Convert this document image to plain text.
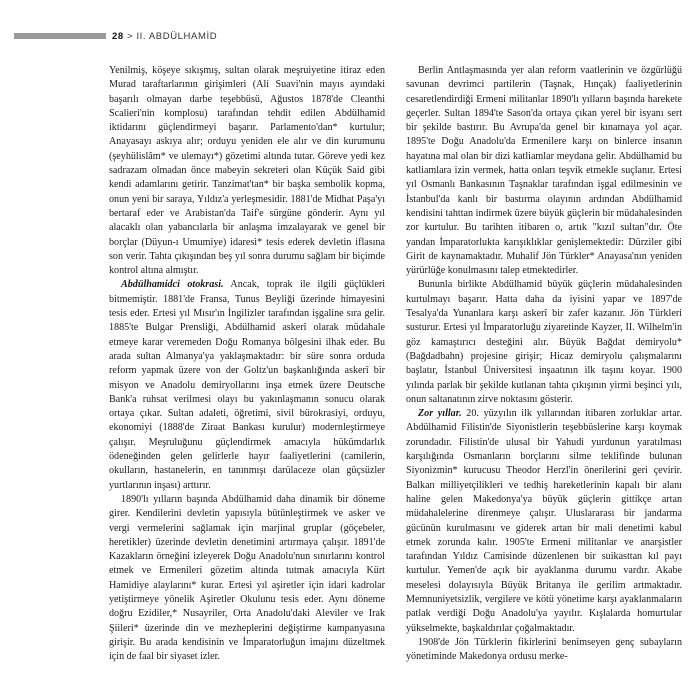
28 > II. ABDÜLHAMİD

Yenilmiş, köşeye sıkışmış, sultan olarak meşruiyetine itiraz eden Murad taraftarlarının girişimleri (Ali Suavi'nin mayıs ayındaki başarılı olmayan darbe teşebbüsü, Ağustos 1878'de Cleanthi Scalieri'nin komplosu) tarafından tehdit edilen Abdülhamid iktidarını güçlendirmeyi başarır. Parlamento'dan* kurtulur; Anayasayı askıya alır; orduyu yeniden ele alır ve din kurumunu (şeyhülislâm* ve ulemayı*) gözetimi altında tutar. Göreve yedi kez sadrazam olmadan önce mabeyin sekreteri olan Küçük Said gibi kendi adamlarını getirir. Tanzimat'tan* bir başka sembolik kopma, onun yeni bir saraya, Yıldız'a yerleşmesidir. 1881'de Midhat Paşa'yı bertaraf eder ve Arabistan'da Taif'e sürgüne gönderir. Aynı yıl alacaklı olan yabancılarla bir anlaşma imzalayarak ve genel bir borçlar (Düyun-ı Umumiye) idaresi* tesis ederek devletin iflasına son verir. Tahta çıkışından beş yıl sonra durumu sağlam bir biçimde kontrol altına almıştır.

Abdülhamidci otokrasi. Ancak, toprak ile ilgili güçlükleri bitmemiştir. 1881'de Fransa, Tunus Beyliği üzerinde himayesini tesis eder. Ertesi yıl Mısır'ın İngilizler tarafından işgaline sıra gelir. 1885'te Bulgar Prensliği, Abdülhamid askerî olarak müdahale etmeye karar veremeden Doğu Romanya bölgesini ilhak eder. Bu arada sultan Almanya'ya yaklaşmaktadır: bir süre sonra orduda reform yapmak üzere von der Goltz'un başkanlığında askerî bir misyon ve Anadolu demiryollarını inşa etmek üzere Deutsche Bank'a ruhsat verilmesi olayı bu yakınlaşmanın sonucu olarak ortaya çıkar. Sultan adaleti, öğretimi, sivil bürokrasiyi, orduyu, ekonomiyi (1888'de Ziraat Bankası kurulur) modernleştirmeye çalışır. Meşruluğunu güçlendirmek amacıyla hükümdarlık ödeneğinden gelen gelirlerle hayır faaliyetlerini (camilerin, okulların, hastanelerin, en tanınmışı darülaceze olan güçsüzler yurtlarının inşası) arttırır.

1890'lı yılların başında Abdülhamid daha dinamik bir döneme girer. Kendilerini devletin yapısıyla bütünleştirmek ve asker ve vergi vermelerini sağlamak için marjinal gruplar (göçebeler, heretikler) üzerinde devletin denetimini artırmaya çalışır. 1891'de Kazakların örneğini izleyerek Doğu Anadolu'nun sınırlarını kontrol etmek ve Ermenileri gözetim altında tutmak amacıyla Kürt Hamidiye alaylarını* kurar. Ertesi yıl aşiretler için idari kadrolar yetiştirmeye yönelik Aşiretler Okulunu tesis eder. Aynı döneme doğru Ezidiler,* Nusayriler, Orta Anadolu'daki Aleviler ve Irak Şiileri* üzerinde din ve mezheplerini değiştirme kampanyasına girişir. Bu arada kendisinin ve İmparatorluğun imajını düzeltmek için de faal bir siyaset izler.

Berlin Antlaşmasında yer alan reform vaatlerinin ve özgürlüğü savunan devrimci partilerin (Taşnak, Hınçak) faaliyetlerinin cesaretlendirdiği Ermeni militanlar 1890'lı yılların başında harekete geçerler. Sultan 1894'te Sason'da ortaya çıkan yerel bir isyanı sert bir şekilde bastırır. Bu Avrupa'da genel bir kınamaya yol açar. 1895'te Doğu Anadolu'da Ermenilere karşı on binlerce insanın hayatına mal olan bir dizi katliamlar meydana gelir. Abdülhamid bu katliamlara izin vermek, hatta onları teşvik etmekle suçlanır. Ertesi yıl Osmanlı Bankasının Taşnaklar tarafından işgal edilmesinin ve İstanbul'da kanlı bir bastırma olayının ardından Abdülhamid kendisini tahttan indirmek üzere büyük güçlerin bir müdahalesinden zor kurtulur. Bu tarihten itibaren o, artık "kızıl sultan"dır. Öte yandan İmparatorlukta karışıklıklar genişlemektedir: Dürziler gibi Girit de kaynamaktadır. Muhalif Jön Türkler* Anayasa'nın yeniden yürürlüğe konulmasını talep etmektedirler.

Bununla birlikte Abdülhamid büyük güçlerin müdahalesinden kurtulmayı başarır. Hatta daha da iyisini yapar ve 1897'de Tesalya'da Yunanlara karşı askerî bir zafer kazanır. Jön Türkleri susturur. Ertesi yıl İmparatorluğu ziyaretinde Kayzer, II. Wilhelm'in göz kamaştırıcı desteğini alır. Büyük Bağdat demiryolu* (Bağdadbahn) projesine girişir; Hicaz demiryolu çalışmalarını başlatır, İstanbul Üniversitesi inşaatının ilk taşını koyar. 1900 yılında parlak bir şekilde kutlanan tahta çıkışının yirmi beşinci yılı, onun saltanatının zirve noktasını gösterir.

Zor yıllar. 20. yüzyılın ilk yıllarından itibaren zorluklar artar. Abdülhamid Filistin'de Siyonistlerin teşebbüslerine karşı koymak zorundadır. Filistin'de ulusal bir Yahudi yurdunun yaratılması karşılığında Osmanların borçlarını silme teklifinde bulunan Siyonizmin* kurucusu Theodor Herzl'in önerilerini geri çevirir. Balkan milliyetçilikleri ve tedhiş hareketlerinin kapalı bir alanı haline gelen Makedonya'ya büyük güçlerin gittikçe artan müdahalelerine direnmeye çalışır. Uluslararası bir jandarma gücünün kurulmasını ve giderek artan bir mali denetimi kabul etmek zorunda kalır. 1905'te Ermeni militanlar ve anarşistler tarafından Yıldız Camisinde düzenlenen bir suikasttan kıl payı kurtulur. Yemen'de açık bir ayaklanma durumu vardır. Akabe meselesi dolayısıyla Büyük Britanya ile gerilim artmaktadır. Memnuniyetsizlik, vergilere ve kötü yönetime karşı ayaklanmaların patlak verdiği Doğu Anadolu'ya yayılır. Kışlalarda homurtular yükselmekte, başkaldırılar çoğalmaktadır.

1908'de Jön Türklerin fikirlerini benimseyen genç subayların yönetiminde Makedonya ordusu merke-
